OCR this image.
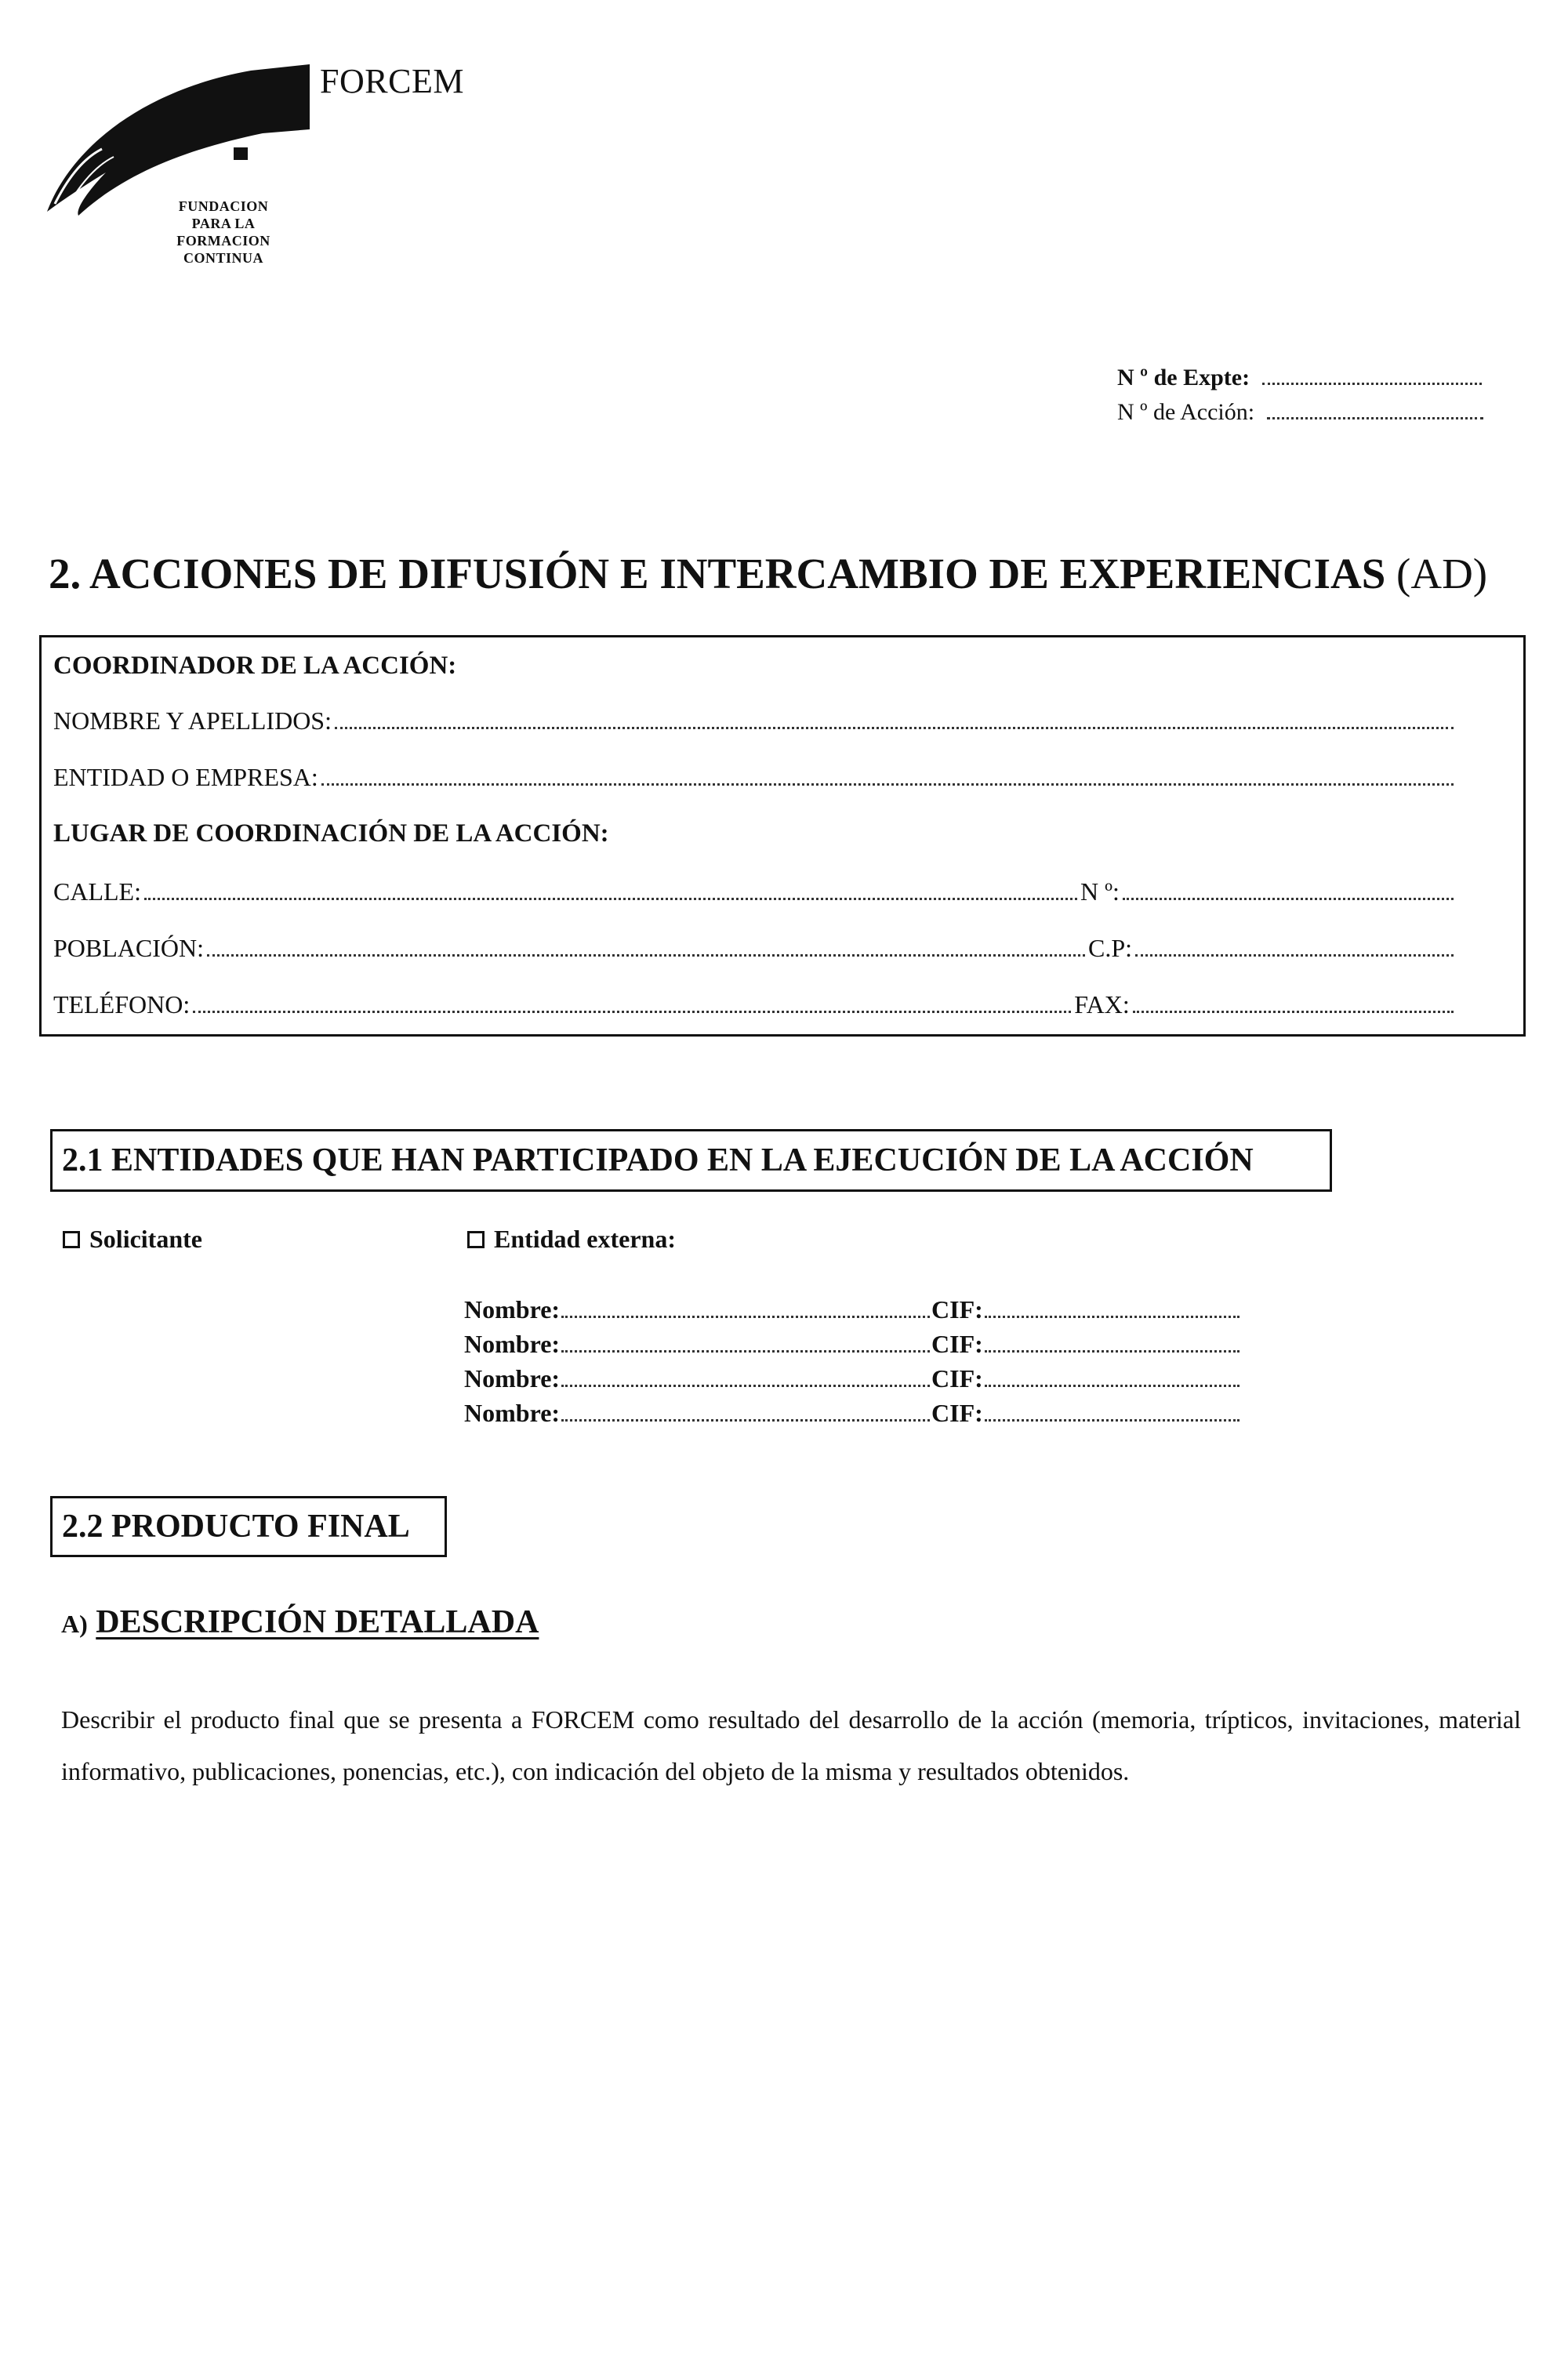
FORCEM
FUNDACION
PARA LA
FORMACION
CONTINUA
N º de Expte:
N º de Acción:
2. ACCIONES DE DIFUSIÓN E INTERCAMBIO DE EXPERIENCIAS (AD)
COORDINADOR DE LA ACCIÓN:
NOMBRE Y APELLIDOS:
ENTIDAD O EMPRESA:
LUGAR DE COORDINACIÓN DE LA ACCIÓN:
CALLE:	N º:
POBLACIÓN:	C.P:
TELÉFONO:	FAX:
2.1 ENTIDADES QUE HAN PARTICIPADO EN LA EJECUCIÓN DE LA ACCIÓN
Solicitante	Entidad externa:
Nombre:	CIF:
Nombre:	CIF:
Nombre:	CIF:
Nombre:	CIF:
2.2 PRODUCTO FINAL
A) DESCRIPCIÓN DETALLADA
Describir el producto final que se presenta a FORCEM como resultado del desarrollo de la acción (memoria, trípticos, invitaciones, material informativo, publicaciones, ponencias, etc.), con indicación del objeto de la misma y resultados obtenidos.
